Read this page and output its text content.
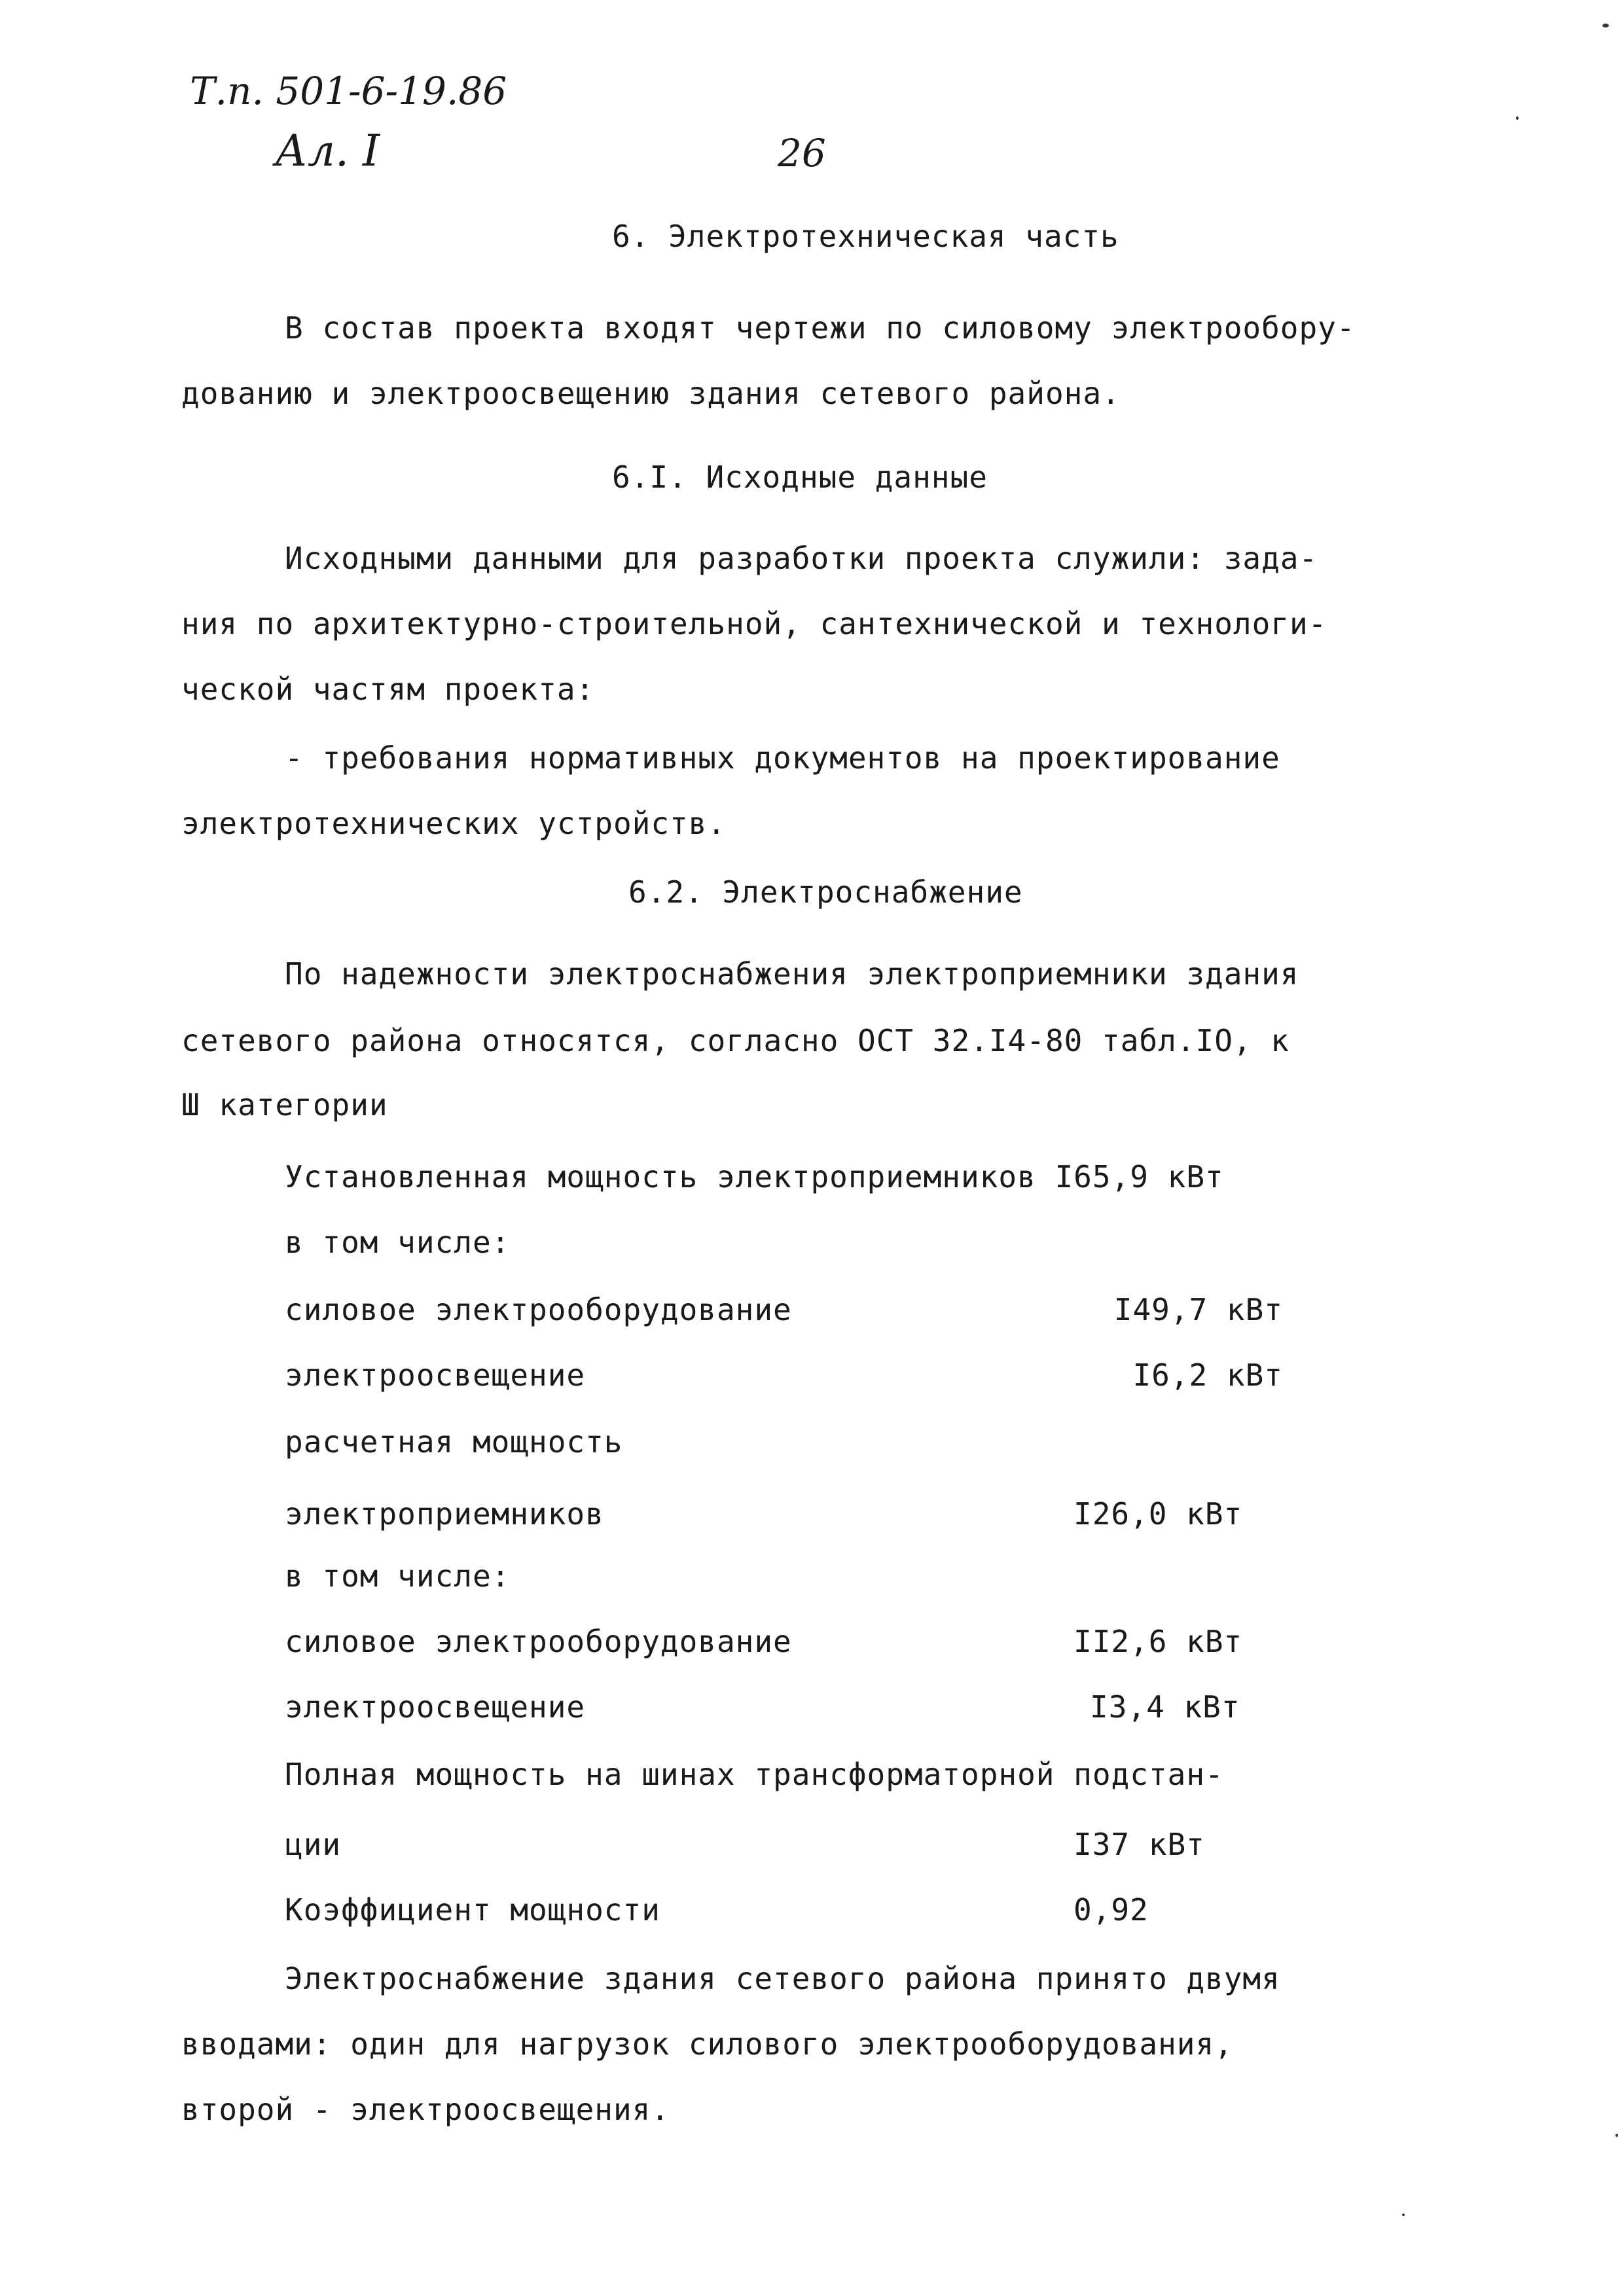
Т.п. 501-6-19.86
Ал. I	26
6. Электротехническая часть
В состав проекта входят чертежи по силовому электрообору-
дованию и электроосвещению здания сетевого района.
6.I. Исходные данные
Исходными данными для разработки проекта служили: зада-
ния по архитектурно-строительной, сантехнической и технологи-
ческой частям проекта:
- требования нормативных документов на проектирование
электротехнических устройств.
6.2. Электроснабжение
По надежности электроснабжения электроприемники здания
сетевого района относятся, согласно ОСТ 32.I4-80 табл.IO, к
Ш категории
Установленная мощность электроприемников I65,9 кВт
в том числе:
силовое электрооборудование	I49,7 кВт
электроосвещение	I6,2 кВт
расчетная мощность
электроприемников	I26,0 кВт
в том числе:
силовое электрооборудование	II2,6 кВт
электроосвещение	I3,4 кВт
Полная мощность на шинах трансформаторной подстан-
ции	I37 кВт
Коэффициент мощности	0,92
Электроснабжение здания сетевого района принято двумя
вводами: один для нагрузок силового электрооборудования,
второй - электроосвещения.
